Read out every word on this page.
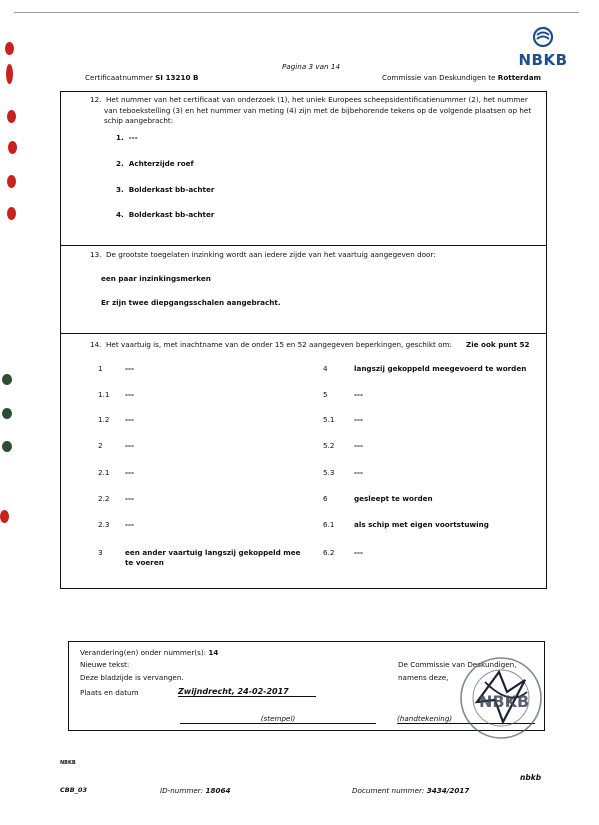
Pagina 3 van 14
Certificaatnummer SI 13210 B	Commissie van Deskundigen te Rotterdam
NBKB
12. Het nummer van het certificaat van onderzoek (1), het uniek Europees scheepsidentificatienummer (2), het nummer
van teboekstelling (3) en het nummer van meting (4) zijn met de bijbehorende tekens op de volgende plaatsen op het
schip aangebracht:
1. ---
2. Achterzijde roef
3. Bolderkast bb-achter
4. Bolderkast bb-achter
13. De grootste toegelaten inzinking wordt aan iedere zijde van het vaartuig aangegeven door:
een paar inzinkingsmerken
Er zijn twee diepgangsschalen aangebracht.
14. Het vaartuig is, met inachtname van de onder 15 en 52 aangegeven beperkingen, geschikt om: Zie ook punt 52
1	---
1.1 ---
1.2 ---
2	---
2.1 ---
2.2 ---
2.3 ---
3	een ander vaartuig langszij gekoppeld mee
te voeren
4	langszij gekoppeld meegevoerd te worden
5	---
5.1	---
5.2	---
5.3	---
6	gesleept te worden
6.1	als schip met eigen voortstuwing
6.2	---
Verandering(en) onder nummer(s): 14
Nieuwe tekst:
Deze bladzijde is vervangen.
Plaats en datum	Zwijndrecht, 24-02-2017
De Commissie van Deskundigen,
namens deze,
(stempel)	(handtekening)
NBKB
NBKB
CBB_03	ID-nummer: 18064	Document nummer: 3434/2017
nbkb
